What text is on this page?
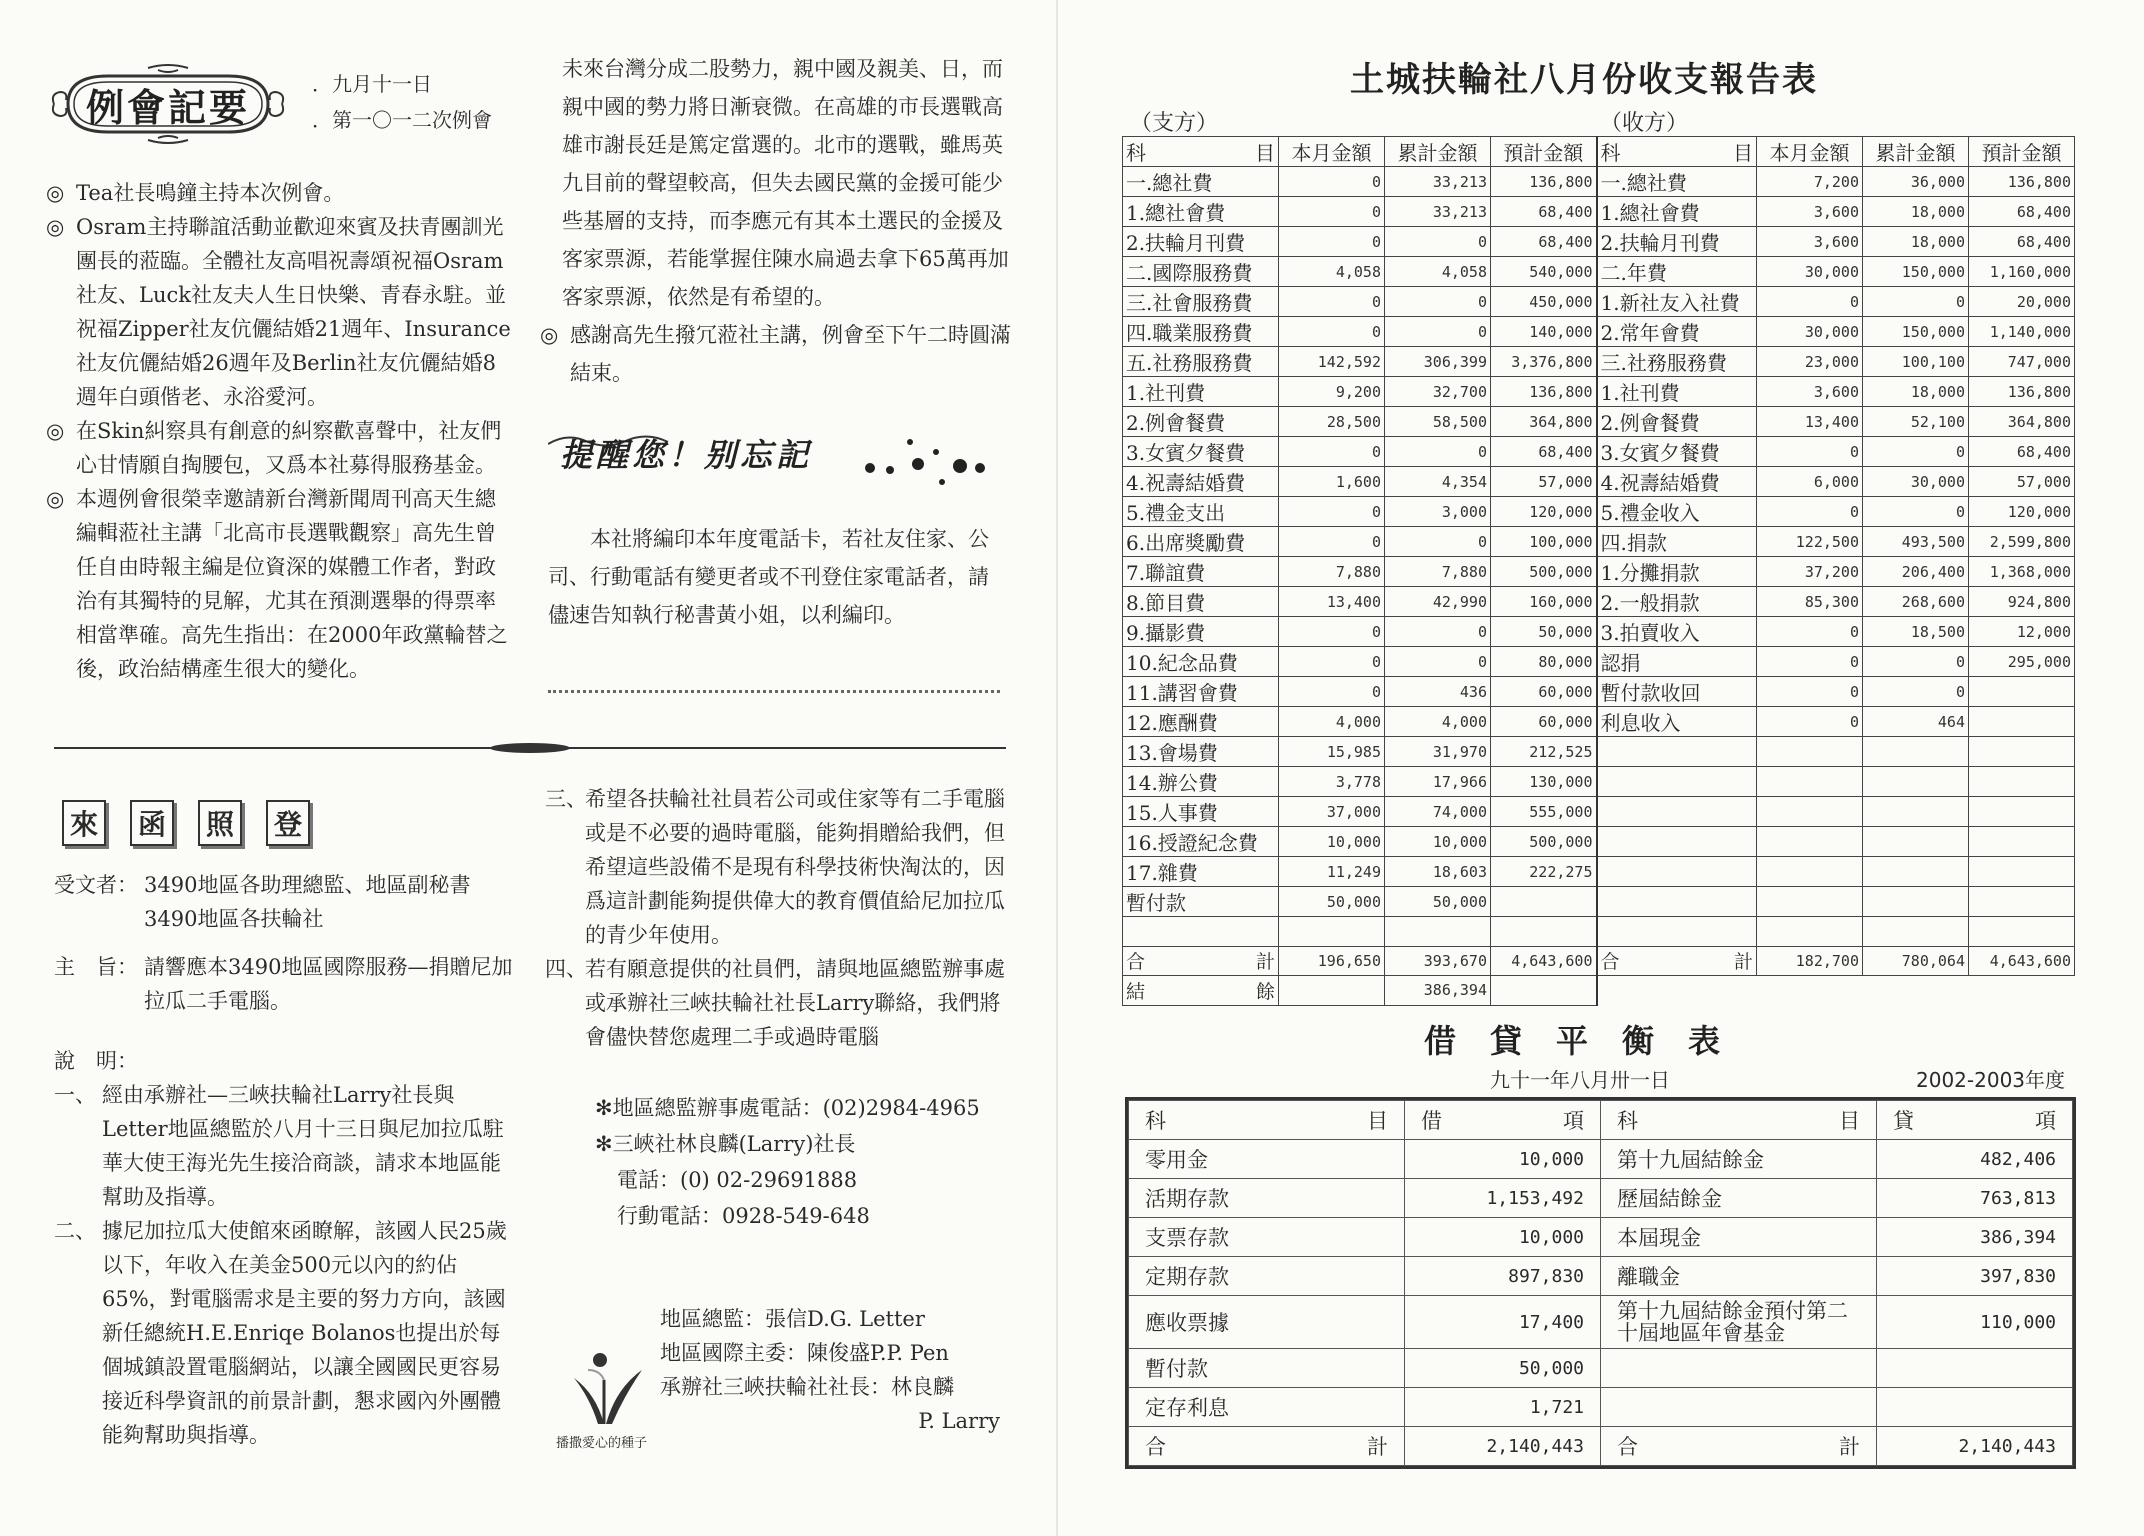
例會記要
．九月十一日
．第一〇一二次例會
◎ Tea社長鳴鐘主持本次例會。
◎ Osram主持聯誼活動並歡迎來賓及扶青團訓光團長的蒞臨。全體社友高唱祝壽頌祝福Osram社友、Luck社友夫人生日快樂、青春永駐。並祝福Zipper社友伉儷結婚21週年、Insurance社友伉儷結婚26週年及Berlin社友伉儷結婚8週年白頭偕老、永浴愛河。
◎ 在Skin糾察具有創意的糾察歡喜聲中，社友們心甘情願自掏腰包，又爲本社募得服務基金。
◎ 本週例會很榮幸邀請新台灣新聞周刊高天生總編輯蒞社主講「北高市長選戰觀察」高先生曾任自由時報主編是位資深的媒體工作者，對政治有其獨特的見解，尤其在預測選舉的得票率相當準確。高先生指出：在2000年政黨輪替之後，政治結構產生很大的變化。
未來台灣分成二股勢力，親中國及親美、日，而親中國的勢力將日漸衰微。在高雄的市長選戰高雄市謝長廷是篤定當選的。北市的選戰，雖馬英九目前的聲望較高，但失去國民黨的金援可能少些基層的支持，而李應元有其本土選民的金援及客家票源，若能掌握住陳水扁過去拿下65萬再加客家票源，依然是有希望的。
◎ 感謝高先生撥冗蒞社主講，例會至下午二時圓滿結束。
提醒您！别忘記
本社將編印本年度電話卡，若社友住家、公司、行動電話有變更者或不刊登住家電話者，請儘速告知執行秘書黃小姐，以利編印。
來 函 照 登
受文者： 3490地區各助理總監、地區副秘書
3490地區各扶輪社
主　旨： 請響應本3490地區國際服務—捐贈尼加拉瓜二手電腦。
說　明：
一、 經由承辦社—三峽扶輪社Larry社長與Letter地區總監於八月十三日與尼加拉瓜駐華大使王海光先生接洽商談，請求本地區能幫助及指導。
二、 據尼加拉瓜大使館來函瞭解，該國人民25歲以下，年收入在美金500元以內的約佔65%，對電腦需求是主要的努力方向，該國新任總統H.E.Enriqe Bolanos也提出於每個城鎮設置電腦網站，以讓全國國民更容易接近科學資訊的前景計劃，懇求國內外團體能夠幫助與指導。
三、
希望各扶輪社社員若公司或住家等有二手電腦或是不必要的過時電腦，能夠捐贈給我們，但希望這些設備不是現有科學技術快淘汰的，因爲這計劃能夠提供偉大的教育價值給尼加拉瓜的青少年使用。
四、
若有願意提供的社員們，請與地區總監辦事處或承辦社三峽扶輪社社長Larry聯絡，我們將會儘快替您處理二手或過時電腦
✻地區總監辦事處電話：(02)2984-4965
✻三峽社林良麟(Larry)社長
電話：(0) 02-29691888
行動電話：0928-549-648
地區總監：張信D.G. Letter
地區國際主委：陳俊盛P.P. Pen
承辦社三峽扶輪社社長：林良麟
P. Larry
播撒愛心的種子
土城扶輪社八月份收支報告表
（支方）	（收方）
科 目	本月金額	累計金額	預計金額	科 目	本月金額	累計金額	預計金額
一.總社費	0	33,213	136,800	一.總社費	7,200	36,000	136,800
1.總社會費	0	33,213	68,400	1.總社會費	3,600	18,000	68,400
2.扶輪月刊費	0	0	68,400	2.扶輪月刊費	3,600	18,000	68,400
二.國際服務費	4,058	4,058	540,000	二.年費	30,000	150,000	1,160,000
三.社會服務費	0	0	450,000	1.新社友入社費	0	0	20,000
四.職業服務費	0	0	140,000	2.常年會費	30,000	150,000	1,140,000
五.社務服務費	142,592	306,399	3,376,800	三.社務服務費	23,000	100,100	747,000
1.社刊費	9,200	32,700	136,800	1.社刊費	3,600	18,000	136,800
2.例會餐費	28,500	58,500	364,800	2.例會餐費	13,400	52,100	364,800
3.女賓夕餐費	0	0	68,400	3.女賓夕餐費	0	0	68,400
4.祝壽結婚費	1,600	4,354	57,000	4.祝壽結婚費	6,000	30,000	57,000
5.禮金支出	0	3,000	120,000	5.禮金收入	0	0	120,000
6.出席獎勵費	0	0	100,000	四.捐款	122,500	493,500	2,599,800
7.聯誼費	7,880	7,880	500,000	1.分攤捐款	37,200	206,400	1,368,000
8.節目費	13,400	42,990	160,000	2.一般捐款	85,300	268,600	924,800
9.攝影費	0	0	50,000	3.拍賣收入	0	18,500	12,000
10.紀念品費	0	0	80,000	認捐	0	0	295,000
11.講習會費	0	436	60,000	暫付款收回	0	0	
12.應酬費	4,000	4,000	60,000	利息收入	0	464	
13.會場費	15,985	31,970	212,525				
14.辦公費	3,778	17,966	130,000				
15.人事費	37,000	74,000	555,000				
16.授證紀念費	10,000	10,000	500,000				
17.雜費	11,249	18,603	222,275				
暫付款	50,000	50,000					

合 計	196,650	393,670	4,643,600	合 計	182,700	780,064	4,643,600

結 餘		386,394					
借貸平衡表
九十一年八月卅一日	2002-2003年度
科 目	借 項	科 目	貸 項

零用金	10,000	第十九屆結餘金	482,406
活期存款	1,153,492	歷屆結餘金	763,813
支票存款	10,000	本屆現金	386,394
定期存款	897,830	離職金	397,830
應收票據	17,400	第十九屆結餘金預付第二十屆地區年會基金	110,000
暫付款	50,000		
定存利息	1,721		

合 計	2,140,443	合 計	2,140,443
